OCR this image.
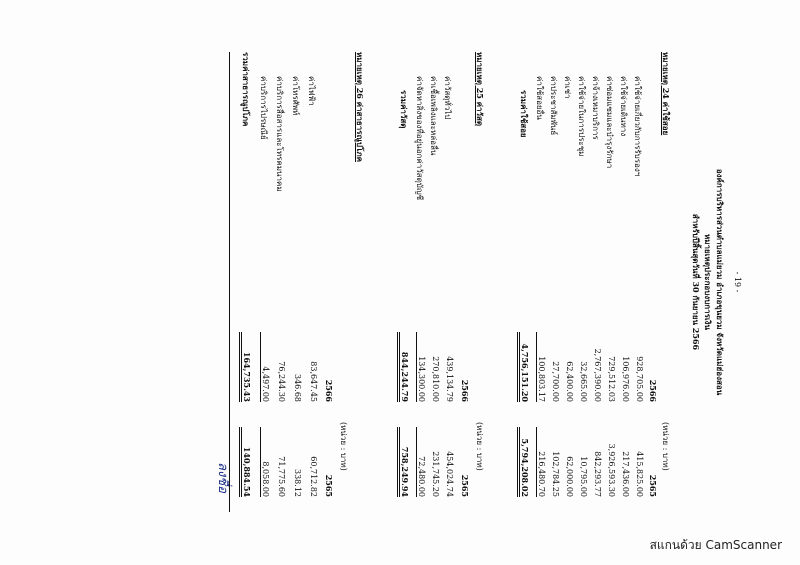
- 19 -
องค์การบริหารส่วนตำบลแม่ยวม อำเภอขุนยวม จังหวัดแม่ฮ่องสอน
หมายเหตุประกอบงบการเงิน
สำหรับปีสิ้นสุดวันที่ 30 กันยายน 2566
หมายเหตุ 24 ค่าใช้สอย
(หน่วย : บาท)
2566
2565
ค่าใช้จ่ายเกี่ยวกับการรับรองฯ
928,705.00
415,825.00
ค่าใช้จ่ายเดินทาง
106,976.00
217,436.00
ค่าซ่อมแซมและบำรุงรักษา
729,512.03
3,926,593.30
ค่าจ้างเหมาบริการ
2,767,390.00
842,293.77
ค่าใช้จ่ายในการประชุม
32,665.00
10,795.00
ค่าเช่า
62,400.00
62,000.00
ค่าประชาสัมพันธ์
27,700.00
102,784.25
ค่าใช้สอยอื่น
100,803.17
216,480.70
รวมค่าใช้สอย
4,756,151.20
5,794,208.02
หมายเหตุ 25 ค่าวัสดุ
(หน่วย : บาท)
2566
2565
ค่าวัสดุทั่วไป
439,134.79
454,024.74
ค่าเชื้อเพลิงและหล่อลื่น
270,810.00
231,745.20
ค่าจัดหาสิ่งของที่อยู่นอกค่าวัสดุบัญชี
134,300.00
72,480.00
รวมค่าวัสดุ
844,244.79
758,249.94
หมายเหตุ 26 ค่าสาธารณูปโภค
(หน่วย : บาท)
2566
2565
ค่าไฟฟ้า
83,647.45
60,712.82
ค่าโทรศัพท์
346.68
338.12
ค่าบริการสื่อสารและโทรคมนาคม
76,244.30
71,775.60
ค่าบริการไปรษณีย์
4,497.00
8,058.00
รวมค่าสาธารณูปโภค
164,735.43
140,884.54
ลงชื่อ
สแกนด้วย CamScanner
